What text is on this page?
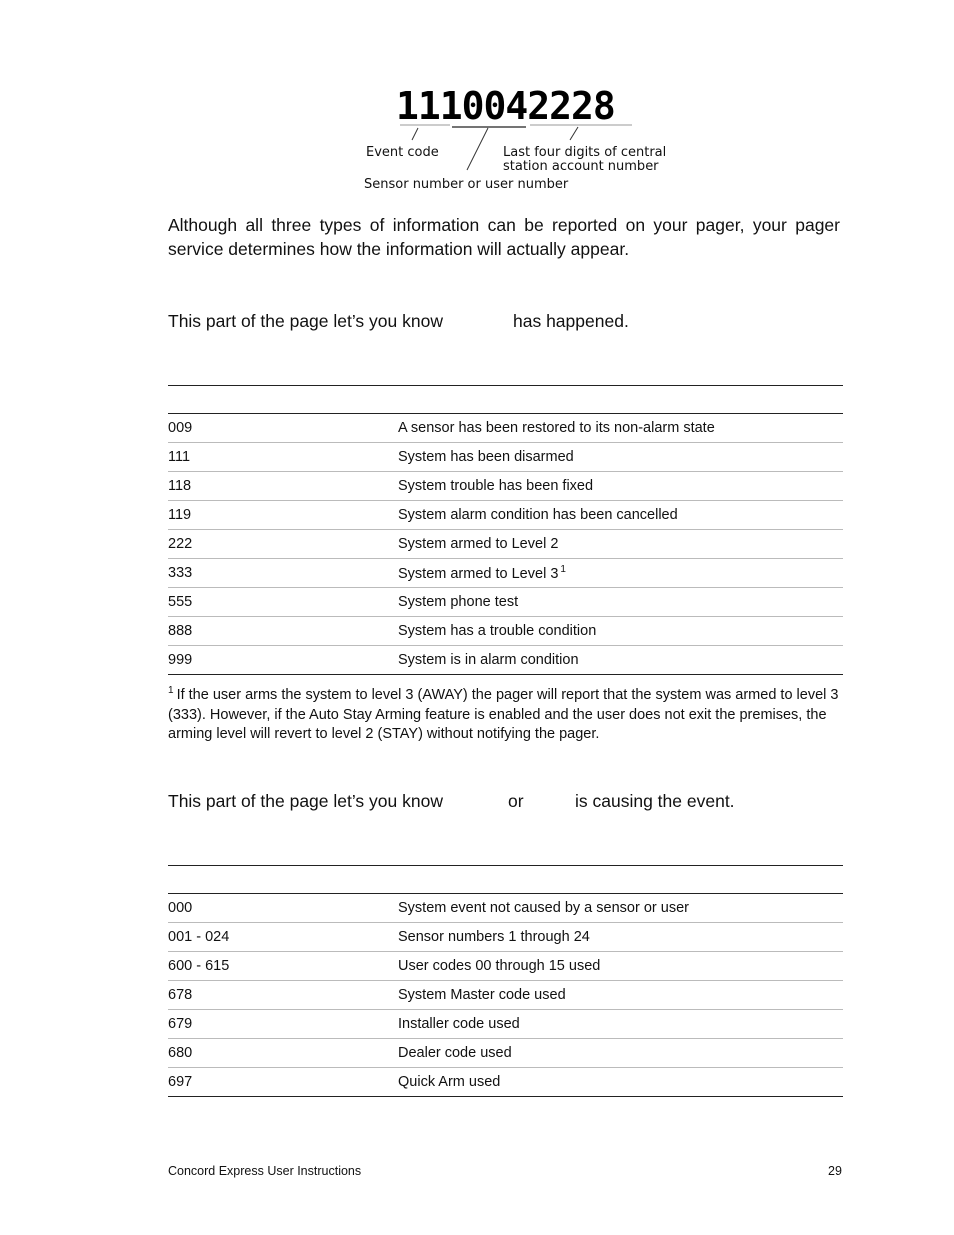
1110042228
Event code	Last four digits of central
station account number
Sensor number or user number
Although all three types of information can be reported on your pager, your pager service determines how the information will actually appear.
This part of the page let’s you know	has happened.
009	A sensor has been restored to its non-alarm state
111	System has been disarmed
118	System trouble has been fixed
119	System alarm condition has been cancelled
222	System armed to Level 2
333	System armed to Level 3 $^1$
555	System phone test
888	System has a trouble condition
999	System is in alarm condition
$^1$ If the user arms the system to level 3 (AWAY) the pager will report that the system was armed to level 3 (333). However, if the Auto Stay Arming feature is enabled and the user does not exit the premises, the arming level will revert to level 2 (STAY) without notifying the pager.
This part of the page let’s you know	or	is causing the event.
000	System event not caused by a sensor or user
001 - 024	Sensor numbers 1 through 24
600 - 615	User codes 00 through 15 used
678	System Master code used
679	Installer code used
680	Dealer code used
697	Quick Arm used
Concord Express User Instructions	29
